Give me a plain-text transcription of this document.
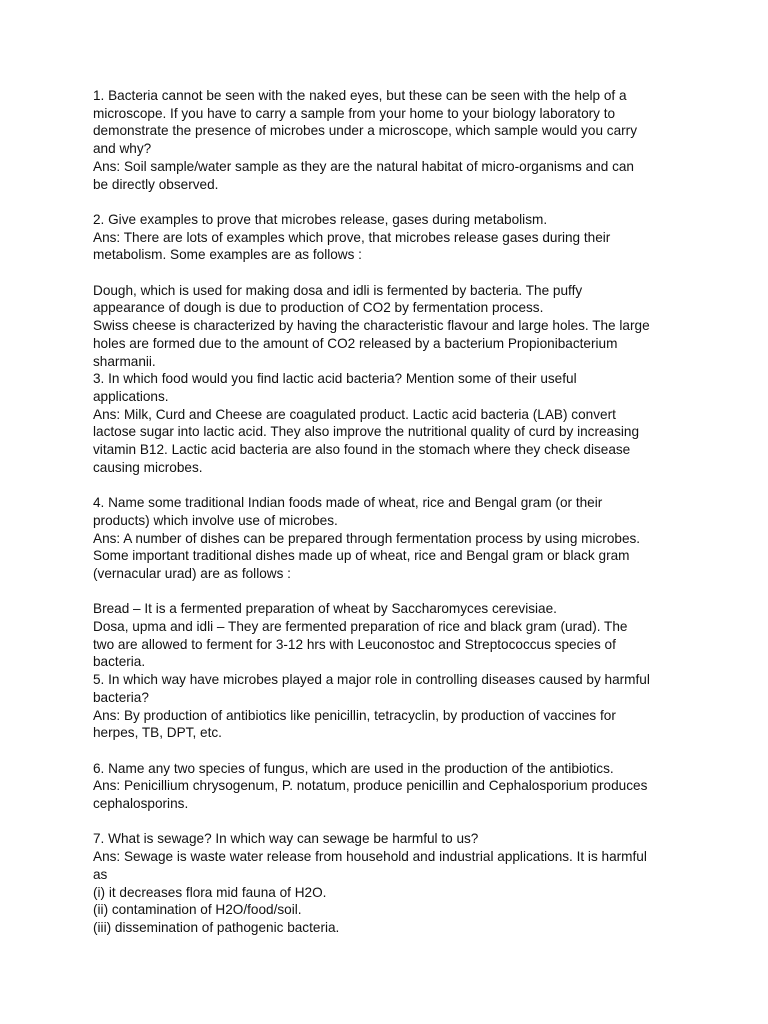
1. Bacteria cannot be seen with the naked eyes, but these can be seen with the help of a
microscope. If you have to carry a sample from your home to your biology laboratory to
demonstrate the presence of microbes under a microscope, which sample would you carry
and why?
Ans: Soil sample/water sample as they are the natural habitat of micro-organisms and can
be directly observed.
2. Give examples to prove that microbes release, gases during metabolism.
Ans: There are lots of examples which prove, that microbes release gases during their
metabolism. Some examples are as follows :
Dough, which is used for making dosa and idli is fermented by bacteria. The puffy
appearance of dough is due to production of CO2 by fermentation process.
Swiss cheese is characterized by having the characteristic flavour and large holes. The large
holes are formed due to the amount of CO2 released by a bacterium Propionibacterium
sharmanii.
3. In which food would you find lactic acid bacteria? Mention some of their useful
applications.
Ans: Milk, Curd and Cheese are coagulated product. Lactic acid bacteria (LAB) convert
lactose sugar into lactic acid. They also improve the nutritional quality of curd by increasing
vitamin B12. Lactic acid bacteria are also found in the stomach where they check disease
causing microbes.
4. Name some traditional Indian foods made of wheat, rice and Bengal gram (or their
products) which involve use of microbes.
Ans: A number of dishes can be prepared through fermentation process by using microbes.
Some important traditional dishes made up of wheat, rice and Bengal gram or black gram
(vernacular urad) are as follows :
Bread – It is a fermented preparation of wheat by Saccharomyces cerevisiae.
Dosa, upma and idli – They are fermented preparation of rice and black gram (urad). The
two are allowed to ferment for 3-12 hrs with Leuconostoc and Streptococcus species of
bacteria.
5. In which way have microbes played a major role in controlling diseases caused by harmful
bacteria?
Ans: By production of antibiotics like penicillin, tetracyclin, by production of vaccines for
herpes, TB, DPT, etc.
6. Name any two species of fungus, which are used in the production of the antibiotics.
Ans: Penicillium chrysogenum, P. notatum, produce penicillin and Cephalosporium produces
cephalosporins.
7. What is sewage? In which way can sewage be harmful to us?
Ans: Sewage is waste water release from household and industrial applications. It is harmful
as
(i) it decreases flora mid fauna of H2O.
(ii) contamination of H2O/food/soil.
(iii) dissemination of pathogenic bacteria.
